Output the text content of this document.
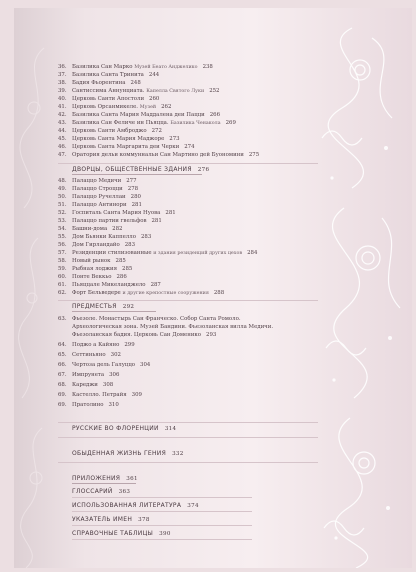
36.	Базилика Сан Марко Музей Беато Анджелико 238
37.	Базилика Санта Тринита 244
38.	Бадия Фьорентина 248
39.	Сантиссима Аннунциата. Капелла Святого Луки 252
40.	Церковь Санти Апостоли 260
41.	Церковь Орсанмикеле. Музей 262
42.	Базилика Санта Мария Маддалена деи Пацци 266
43.	Базилика Сан Феличе ин Пьяцца. Базилика Ченакола 269
44.	Церковь Санти Амброджо 272
45.	Церковь Санта Мария Маджоре 273
46.	Церковь Санта Маргарита деи Черки 274
47.	Оратория дельи коммуннальи Сан Мартино дей Буономини 275
ДВОРЦЫ, ОБЩЕСТВЕННЫЕ ЗДАНИЯ 276
48.	Палаццо Медичи 277
49.	Палаццо Строцци 278
50.	Палаццо Ручеллаи 280
51.	Палаццо Антинори 281
52.	Госпиталь Санта Мария Нуова 281
53.	Палаццо партии гвельфов 281
54.	Башни-дома 282
55.	Дом Бьянки Каппелло 283
56.	Дом Гирландайо 283
57.	Резиденции стилизованные и здания резиденций других цехов 284
58.	Новый рынок 285
59.	Рыбная лоджия 285
60.	Понте Веккьо 286
61.	Пьяццале Микеланджело 287
62.	Форт Бельведере и другие крепостные сооружения 288
ПРЕДМЕСТЬЯ 292
63.	Фьезоле. Монастырь Сан Франческо. Собор Санта Ромоло.
Археологическая зона. Музей Бандини. Фьезоланская вилла Медичи.
Фьезоланская бадия. Церковь Сан Доменико 293
64.	Поджо а Кайяно 299
65.	Сеттиньяно 302
66.	Чертоза дель Галуццо 304
67.	Импрунета 306
68.	Кареджи 308
69.	Кастелло. Петрайя 309
69.	Пратолино 310
РУССКИЕ ВО ФЛОРЕНЦИИ 314
ОБЫДЕННАЯ ЖИЗНЬ ГЕНИЯ 332
ПРИЛОЖЕНИЯ 361
ГЛОССАРИЙ 363
ИСПОЛЬЗОВАННАЯ ЛИТЕРАТУРА 374
УКАЗАТЕЛЬ ИМЕН 378
СПРАВОЧНЫЕ ТАБЛИЦЫ 390
